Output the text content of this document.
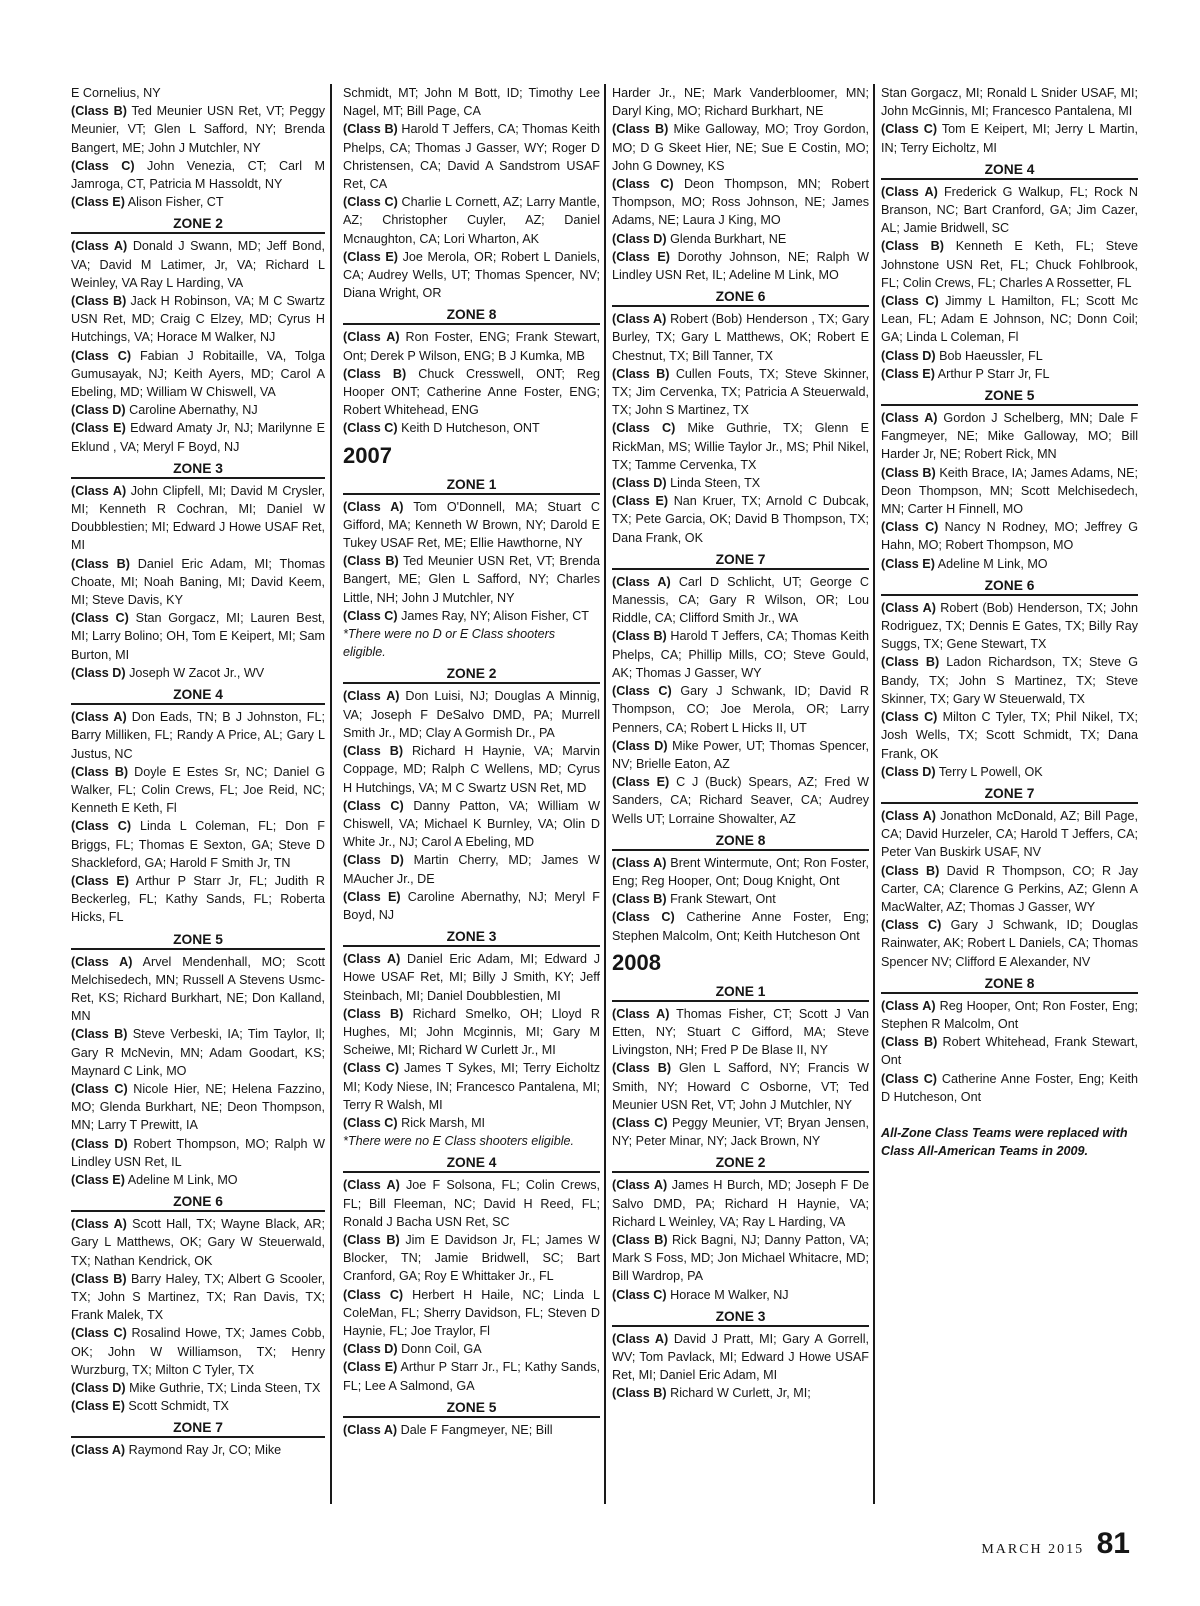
E Cornelius, NY

(Class B) Ted Meunier USN Ret, VT; Peggy Meunier, VT; Glen L Safford, NY; Brenda Bangert, ME; John J Mutchler, NY

(Class C) John Venezia, CT; Carl M Jamroga, CT, Patricia M Hassoldt, NY

(Class E) Alison Fisher, CT

ZONE 2

(Class A) Donald J Swann, MD; Jeff Bond, VA; David M Latimer, Jr, VA; Richard L Weinley, VA Ray L Harding, VA

(Class B) Jack H Robinson, VA; M C Swartz USN Ret, MD; Craig C Elzey, MD; Cyrus H Hutchings, VA; Horace M Walker, NJ

(Class C) Fabian J Robitaille, VA, Tolga Gumusayak, NJ; Keith Ayers, MD; Carol A Ebeling, MD; William W Chiswell, VA

(Class D) Caroline Abernathy, NJ

(Class E) Edward Amaty Jr, NJ; Marilynne E Eklund , VA; Meryl F Boyd, NJ

ZONE 3

(Class A) John Clipfell, MI; David M Crysler, MI; Kenneth R Cochran, MI; Daniel W Doubblestien; MI; Edward J Howe USAF Ret, MI

(Class B) Daniel Eric Adam, MI; Thomas Choate, MI; Noah Baning, MI; David Keem, MI; Steve Davis, KY

(Class C) Stan Gorgacz, MI; Lauren Best, MI; Larry Bolino; OH, Tom E Keipert, MI; Sam Burton, MI

(Class D) Joseph W Zacot Jr., WV

ZONE 4

(Class A) Don Eads, TN; B J Johnston, FL; Barry Milliken, FL; Randy A Price, AL; Gary L Justus, NC

(Class B) Doyle E Estes Sr, NC; Daniel G Walker, FL; Colin Crews, FL; Joe Reid, NC; Kenneth E Keth, Fl

(Class C) Linda L Coleman, FL; Don F Briggs, FL; Thomas E Sexton, GA; Steve D Shackleford, GA; Harold F Smith Jr, TN

(Class E) Arthur P Starr Jr, FL; Judith R Beckerleg, FL; Kathy Sands, FL; Roberta Hicks, FL

ZONE 5

(Class A) Arvel Mendenhall, MO; Scott Melchisedech, MN; Russell A Stevens Usmc-Ret, KS; Richard Burkhart, NE; Don Kalland, MN

(Class B) Steve Verbeski, IA; Tim Taylor, Il; Gary R McNevin, MN; Adam Goodart, KS; Maynard C Link, MO

(Class C) Nicole Hier, NE; Helena Fazzino, MO; Glenda Burkhart, NE; Deon Thompson, MN; Larry T Prewitt, IA

(Class D) Robert Thompson, MO; Ralph W Lindley USN Ret, IL

(Class E) Adeline M Link, MO

ZONE 6

(Class A) Scott Hall, TX; Wayne Black, AR; Gary L Matthews, OK; Gary W Steuerwald, TX; Nathan Kendrick, OK

(Class B) Barry Haley, TX; Albert G Scooler, TX; John S Martinez, TX; Ran Davis, TX; Frank Malek, TX

(Class C) Rosalind Howe, TX; James Cobb, OK; John W Williamson, TX; Henry Wurzburg, TX; Milton C Tyler, TX

(Class D) Mike Guthrie, TX; Linda Steen, TX

(Class E) Scott Schmidt, TX

ZONE 7

(Class A) Raymond Ray Jr, CO; Mike

Schmidt, MT; John M Bott, ID; Timothy Lee Nagel, MT; Bill Page, CA

(Class B) Harold T Jeffers, CA; Thomas Keith Phelps, CA; Thomas J Gasser, WY; Roger D Christensen, CA; David A Sandstrom USAF Ret, CA

(Class C) Charlie L Cornett, AZ; Larry Mantle, AZ; Christopher Cuyler, AZ; Daniel Mcnaughton, CA; Lori Wharton, AK

(Class E) Joe Merola, OR; Robert L Daniels, CA; Audrey Wells, UT; Thomas Spencer, NV; Diana Wright, OR

ZONE 8

(Class A) Ron Foster, ENG; Frank Stewart, Ont; Derek P Wilson, ENG; B J Kumka, MB

(Class B) Chuck Cresswell, ONT; Reg Hooper ONT; Catherine Anne Foster, ENG; Robert Whitehead, ENG

(Class C) Keith D Hutcheson, ONT

2007
ZONE 1

(Class A) Tom O'Donnell, MA; Stuart C Gifford, MA; Kenneth W Brown, NY; Darold E Tukey USAF Ret, ME; Ellie Hawthorne, NY

(Class B) Ted Meunier USN Ret, VT; Brenda Bangert, ME; Glen L Safford, NY; Charles Little, NH; John J Mutchler, NY

(Class C) James Ray, NY; Alison Fisher, CT

*There were no D or E Class shooters eligible.

ZONE 2

(Class A) Don Luisi, NJ; Douglas A Minnig, VA; Joseph F DeSalvo DMD, PA; Murrell Smith Jr., MD; Clay A Gormish Dr., PA

(Class B) Richard H Haynie, VA; Marvin Coppage, MD; Ralph C Wellens, MD; Cyrus H Hutchings, VA; M C Swartz USN Ret, MD

(Class C) Danny Patton, VA; William W Chiswell, VA; Michael K Burnley, VA; Olin D White Jr., NJ; Carol A Ebeling, MD

(Class D) Martin Cherry, MD; James W MAucher Jr., DE

(Class E) Caroline Abernathy, NJ; Meryl F Boyd, NJ

ZONE 3

(Class A) Daniel Eric Adam, MI; Edward J Howe USAF Ret, MI; Billy J Smith, KY; Jeff Steinbach, MI; Daniel Doubblestien, MI

(Class B) Richard Smelko, OH; Lloyd R Hughes, MI; John Mcginnis, MI; Gary M Scheiwe, MI; Richard W Curlett Jr., MI

(Class C) James T Sykes, MI; Terry Eicholtz MI; Kody Niese, IN; Francesco Pantalena, MI; Terry R Walsh, MI

(Class C) Rick Marsh, MI

*There were no E Class shooters eligible.

ZONE 4

(Class A) Joe F Solsona, FL; Colin Crews, FL; Bill Fleeman, NC; David H Reed, FL; Ronald J Bacha USN Ret, SC

(Class B) Jim E Davidson Jr, FL; James W Blocker, TN; Jamie Bridwell, SC; Bart Cranford, GA; Roy E Whittaker Jr., FL

(Class C) Herbert H Haile, NC; Linda L ColeMan, FL; Sherry Davidson, FL; Steven D Haynie, FL; Joe Traylor, Fl

(Class D) Donn Coil, GA

(Class E) Arthur P Starr Jr., FL; Kathy Sands, FL; Lee A Salmond, GA

ZONE 5

(Class A) Dale F Fangmeyer, NE; Bill

Harder Jr., NE; Mark Vanderbloomer, MN; Daryl King, MO; Richard Burkhart, NE

(Class B) Mike Galloway, MO; Troy Gordon, MO; D G Skeet Hier, NE; Sue E Costin, MO; John G Downey, KS

(Class C) Deon Thompson, MN; Robert Thompson, MO; Ross Johnson, NE; James Adams, NE; Laura J King, MO

(Class D) Glenda Burkhart, NE

(Class E) Dorothy Johnson, NE; Ralph W Lindley USN Ret, IL; Adeline M Link, MO

ZONE 6

(Class A) Robert (Bob) Henderson , TX; Gary Burley, TX; Gary L Matthews, OK; Robert E Chestnut, TX; Bill Tanner, TX

(Class B) Cullen Fouts, TX; Steve Skinner, TX; Jim Cervenka, TX; Patricia A Steuerwald, TX; John S Martinez, TX

(Class C) Mike Guthrie, TX; Glenn E RickMan, MS; Willie Taylor Jr., MS; Phil Nikel, TX; Tamme Cervenka, TX

(Class D) Linda Steen, TX

(Class E) Nan Kruer, TX; Arnold C Dubcak, TX; Pete Garcia, OK; David B Thompson, TX; Dana Frank, OK

ZONE 7

(Class A) Carl D Schlicht, UT; George C Manessis, CA; Gary R Wilson, OR; Lou Riddle, CA; Clifford Smith Jr., WA

(Class B) Harold T Jeffers, CA; Thomas Keith Phelps, CA; Phillip Mills, CO; Steve Gould, AK; Thomas J Gasser, WY

(Class C) Gary J Schwank, ID; David R Thompson, CO; Joe Merola, OR; Larry Penners, CA; Robert L Hicks II, UT

(Class D) Mike Power, UT; Thomas Spencer, NV; Brielle Eaton, AZ

(Class E) C J (Buck) Spears, AZ; Fred W Sanders, CA; Richard Seaver, CA; Audrey Wells UT; Lorraine Showalter, AZ

ZONE 8

(Class A) Brent Wintermute, Ont; Ron Foster, Eng; Reg Hooper, Ont; Doug Knight, Ont

(Class B) Frank Stewart, Ont

(Class C) Catherine Anne Foster, Eng; Stephen Malcolm, Ont; Keith Hutcheson Ont

2008
ZONE 1

(Class A) Thomas Fisher, CT; Scott J Van Etten, NY; Stuart C Gifford, MA; Steve Livingston, NH; Fred P De Blase II, NY

(Class B) Glen L Safford, NY; Francis W Smith, NY; Howard C Osborne, VT; Ted Meunier USN Ret, VT; John J Mutchler, NY

(Class C) Peggy Meunier, VT; Bryan Jensen, NY; Peter Minar, NY; Jack Brown, NY

ZONE 2

(Class A) James H Burch, MD; Joseph F De Salvo DMD, PA; Richard H Haynie, VA; Richard L Weinley, VA; Ray L Harding, VA

(Class B) Rick Bagni, NJ; Danny Patton, VA; Mark S Foss, MD; Jon Michael Whitacre, MD; Bill Wardrop, PA

(Class C) Horace M Walker, NJ

ZONE 3

(Class A) David J Pratt, MI; Gary A Gorrell, WV; Tom Pavlack, MI; Edward J Howe USAF Ret, MI; Daniel Eric Adam, MI

(Class B) Richard W Curlett, Jr, MI;

Stan Gorgacz, MI; Ronald L Snider USAF, MI; John McGinnis, MI; Francesco Pantalena, MI

(Class C) Tom E Keipert, MI; Jerry L Martin, IN; Terry Eicholtz, MI

ZONE 4

(Class A) Frederick G Walkup, FL; Rock N Branson, NC; Bart Cranford, GA; Jim Cazer, AL; Jamie Bridwell, SC

(Class B) Kenneth E Keth, FL; Steve Johnstone USN Ret, FL; Chuck Fohlbrook, FL; Colin Crews, FL; Charles A Rossetter, FL

(Class C) Jimmy L Hamilton, FL; Scott Mc Lean, FL; Adam E Johnson, NC; Donn Coil; GA; Linda L Coleman, Fl

(Class D) Bob Haeussler, FL

(Class E) Arthur P Starr Jr, FL

ZONE 5

(Class A) Gordon J Schelberg, MN; Dale F Fangmeyer, NE; Mike Galloway, MO; Bill Harder Jr, NE; Robert Rick, MN

(Class B) Keith Brace, IA; James Adams, NE; Deon Thompson, MN; Scott Melchisedech, MN; Carter H Finnell, MO

(Class C) Nancy N Rodney, MO; Jeffrey G Hahn, MO; Robert Thompson, MO

(Class E) Adeline M Link, MO

ZONE 6

(Class A) Robert (Bob) Henderson, TX; John Rodriguez, TX; Dennis E Gates, TX; Billy Ray Suggs, TX; Gene Stewart, TX

(Class B) Ladon Richardson, TX; Steve G Bandy, TX; John S Martinez, TX; Steve Skinner, TX; Gary W Steuerwald, TX

(Class C) Milton C Tyler, TX; Phil Nikel, TX; Josh Wells, TX; Scott Schmidt, TX; Dana Frank, OK

(Class D) Terry L Powell, OK

ZONE 7

(Class A) Jonathon McDonald, AZ; Bill Page, CA; David Hurzeler, CA; Harold T Jeffers, CA; Peter Van Buskirk USAF, NV

(Class B) David R Thompson, CO; R Jay Carter, CA; Clarence G Perkins, AZ; Glenn A MacWalter, AZ; Thomas J Gasser, WY

(Class C) Gary J Schwank, ID; Douglas Rainwater, AK; Robert L Daniels, CA; Thomas Spencer NV; Clifford E Alexander, NV

ZONE 8

(Class A) Reg Hooper, Ont; Ron Foster, Eng; Stephen R Malcolm, Ont

(Class B) Robert Whitehead, Frank Stewart, Ont

(Class C) Catherine Anne Foster, Eng; Keith D Hutcheson, Ont

All-Zone Class Teams were replaced with Class All-American Teams in 2009.

MARCH 2015 81
